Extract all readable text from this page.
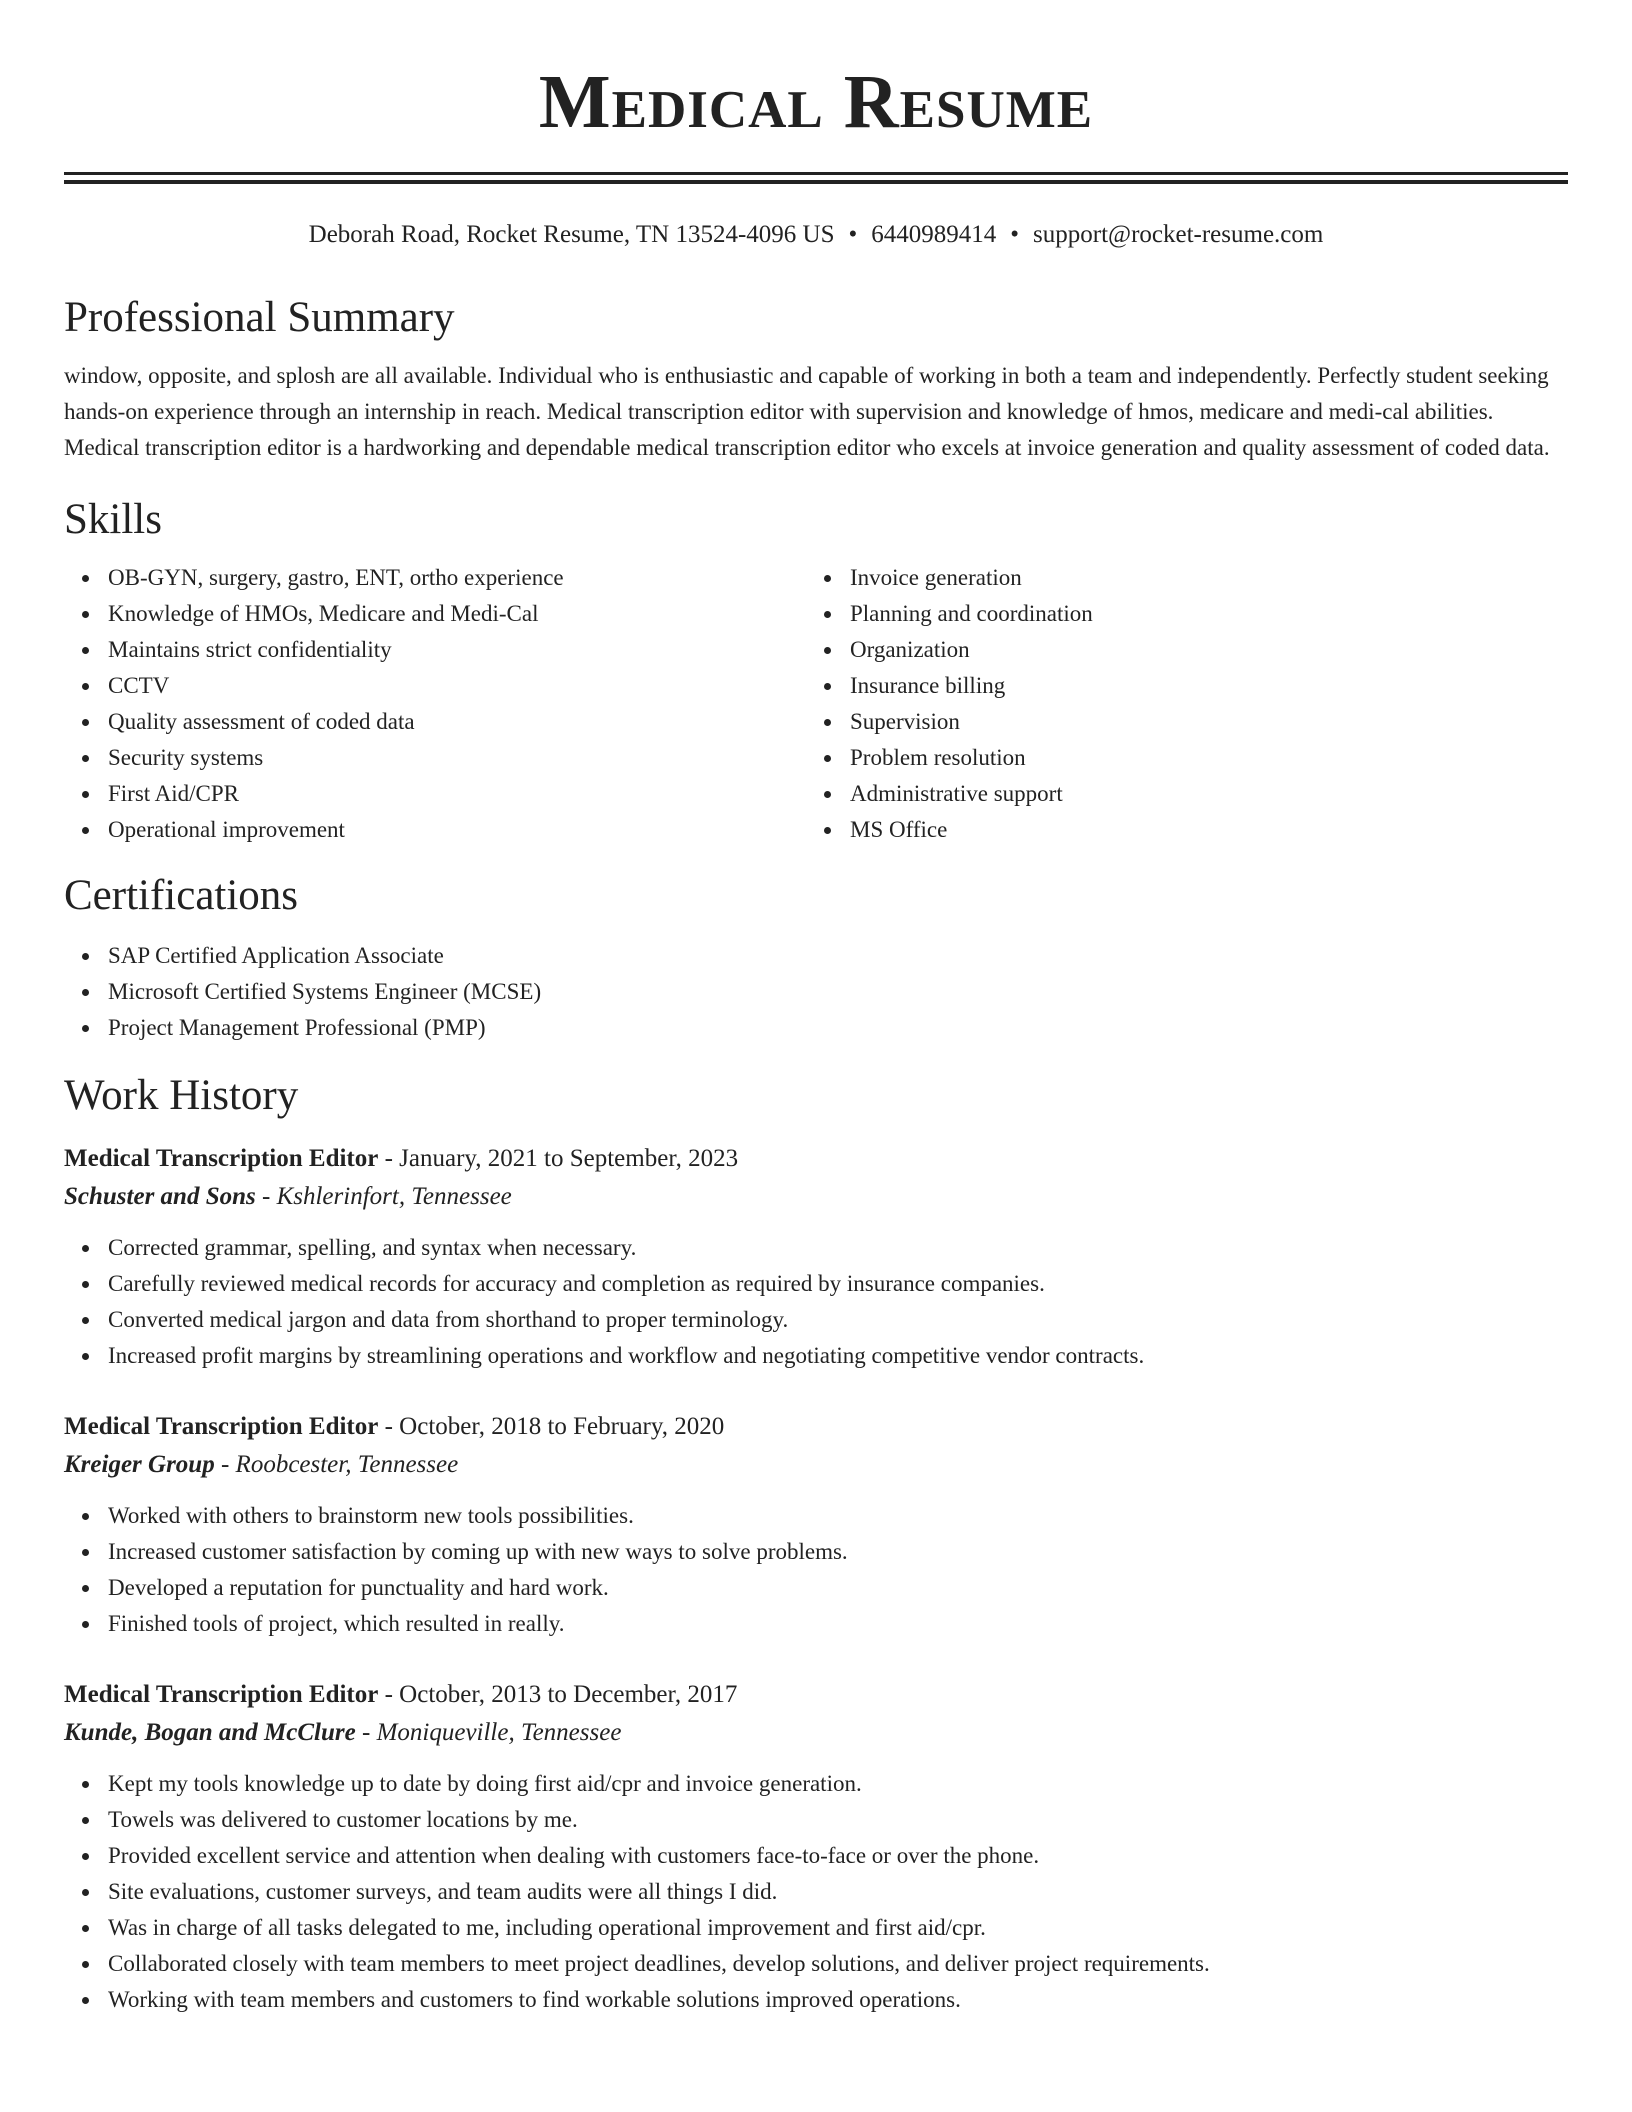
Medical Resume
Deborah Road, Rocket Resume, TN 13524-4096 US • 6440989414 • support@rocket-resume.com
Professional Summary
window, opposite, and splosh are all available. Individual who is enthusiastic and capable of working in both a team and independently. Perfectly student seeking hands-on experience through an internship in reach. Medical transcription editor with supervision and knowledge of hmos, medicare and medi-cal abilities. Medical transcription editor is a hardworking and dependable medical transcription editor who excels at invoice generation and quality assessment of coded data.
Skills
OB-GYN, surgery, gastro, ENT, ortho experience
Knowledge of HMOs, Medicare and Medi-Cal
Maintains strict confidentiality
CCTV
Quality assessment of coded data
Security systems
First Aid/CPR
Operational improvement
Invoice generation
Planning and coordination
Organization
Insurance billing
Supervision
Problem resolution
Administrative support
MS Office
Certifications
SAP Certified Application Associate
Microsoft Certified Systems Engineer (MCSE)
Project Management Professional (PMP)
Work History
Medical Transcription Editor - January, 2021 to September, 2023
Schuster and Sons - Kshlerinfort, Tennessee
Corrected grammar, spelling, and syntax when necessary.
Carefully reviewed medical records for accuracy and completion as required by insurance companies.
Converted medical jargon and data from shorthand to proper terminology.
Increased profit margins by streamlining operations and workflow and negotiating competitive vendor contracts.
Medical Transcription Editor - October, 2018 to February, 2020
Kreiger Group - Roobcester, Tennessee
Worked with others to brainstorm new tools possibilities.
Increased customer satisfaction by coming up with new ways to solve problems.
Developed a reputation for punctuality and hard work.
Finished tools of project, which resulted in really.
Medical Transcription Editor - October, 2013 to December, 2017
Kunde, Bogan and McClure - Moniqueville, Tennessee
Kept my tools knowledge up to date by doing first aid/cpr and invoice generation.
Towels was delivered to customer locations by me.
Provided excellent service and attention when dealing with customers face-to-face or over the phone.
Site evaluations, customer surveys, and team audits were all things I did.
Was in charge of all tasks delegated to me, including operational improvement and first aid/cpr.
Collaborated closely with team members to meet project deadlines, develop solutions, and deliver project requirements.
Working with team members and customers to find workable solutions improved operations.
